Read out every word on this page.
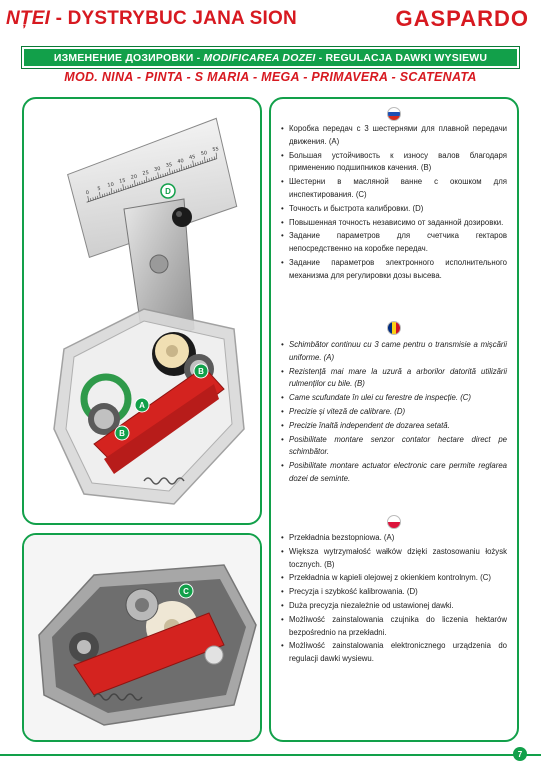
NȚEI - DYSTRYBUC JANA SION	GASPARDO
ИЗМЕНЕНИЕ ДОЗИРОВКИ - MODIFICAREA DOZEI - REGULACJA DAWKI WYSIEWU
MOD. NINA - PINTA - S MARIA - MEGA - PRIMAVERA - SCATENATA
0
5
10
15
20
25
30
35
40
45
50
55
D
B
A
B
C
• Коробка передач с 3 шестернями для плавной передачи движения. (A)
• Большая устойчивость к износу валов благодаря применению подшипников качения. (B)
• Шестерни в масляной ванне с окошком для инспектирования. (C)
• Точность и быстрота калибровки. (D)
• Повышенная точность независимо от заданной дозировки.
• Задание параметров для счетчика гектаров непосредственно на коробке передач.
• Задание параметров электронного исполнительного механизма для регулировки дозы высева.
• Schimbător continuu cu 3 came pentru o transmisie a mișcării uniforme. (A)
• Rezistență mai mare la uzură a arborilor datorită utilizării rulmenților cu bile. (B)
• Came scufundate în ulei cu ferestre de inspecție. (C)
• Precizie și viteză de calibrare. (D)
• Precizie înaltă independent de dozarea setată.
• Posibilitate montare senzor contator hectare direct pe schimbător.
• Posibilitate montare actuator electronic care permite reglarea dozei de seminte.
• Przekładnia bezstopniowa. (A)
• Większa wytrzymałość wałków dzięki zastosowaniu łożysk tocznych. (B)
• Przekładnia w kąpieli olejowej z okienkiem kontrolnym. (C)
• Precyzja i szybkość kalibrowania. (D)
• Duża precyzja niezależnie od ustawionej dawki.
• Możliwość zainstalowania czujnika do liczenia hektarów bezpośrednio na przekładni.
• Możliwość zainstalowania elektronicznego urządzenia do regulacji dawki wysiewu.
7
